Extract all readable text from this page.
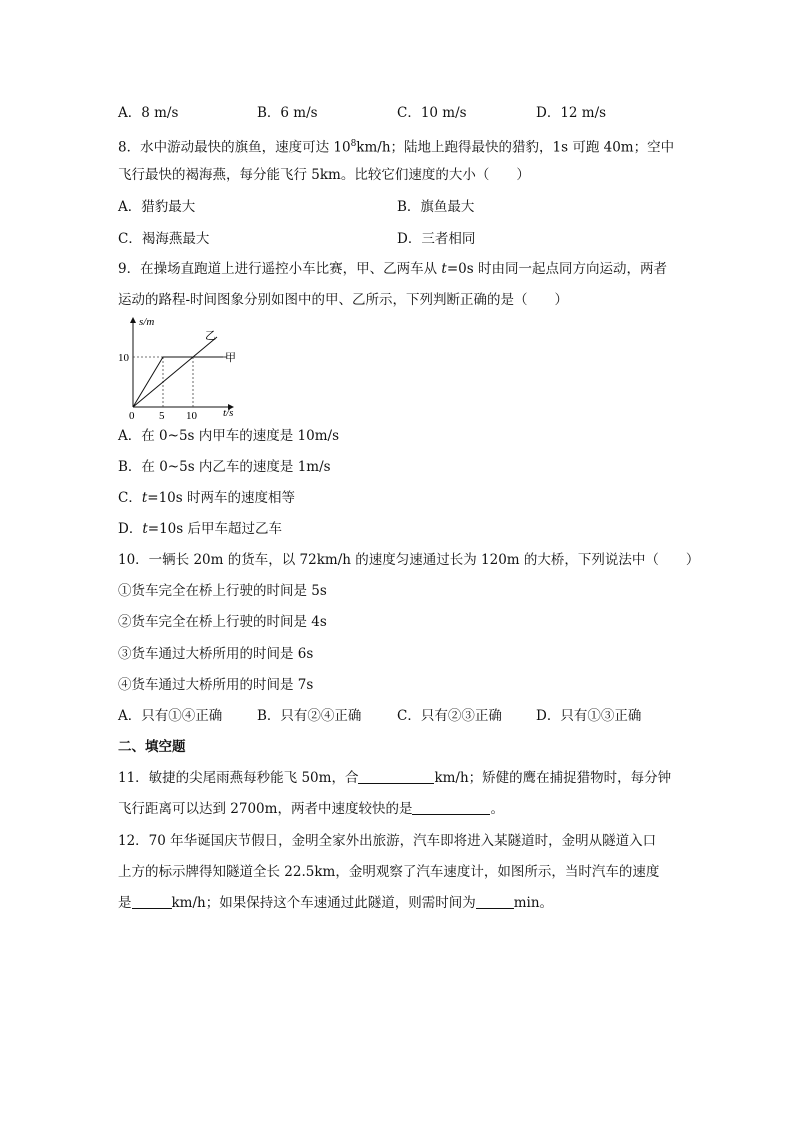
A．8 m/s	B．6 m/s	C．10 m/s	D．12 m/s
8．水中游动最快的旗鱼，速度可达 $10^8km/h$；陆地上跑得最快的猎豹，1s 可跑 40m；空中
飞行最快的褐海燕，每分能飞行 5km。比较它们速度的大小（　　）
A．猎豹最大	B．旗鱼最大
C．褐海燕最大	D．三者相同
9．在操场直跑道上进行遥控小车比赛，甲、乙两车从 t=0s 时由同一起点同方向运动，两者
运动的路程-时间图象分别如图中的甲、乙所示，下列判断正确的是（　　）
s/m
t/s
0 5 10
10
乙
甲
A．在 0~5s 内甲车的速度是 10m/s
B．在 0~5s 内乙车的速度是 1m/s
C．t=10s 时两车的速度相等
D．t=10s 后甲车超过乙车
10．一辆长 20m 的货车，以 72km/h 的速度匀速通过长为 120m 的大桥，下列说法中（　　）
①货车完全在桥上行驶的时间是 5s
②货车完全在桥上行驶的时间是 4s
③货车通过大桥所用的时间是 6s
④货车通过大桥所用的时间是 7s
A．只有①④正确	B．只有②④正确	C．只有②③正确	D．只有①③正确
二、填空题
11．敏捷的尖尾雨燕每秒能飞 50m，合	km/h；矫健的鹰在捕捉猎物时，每分钟
飞行距离可以达到 2700m，两者中速度较快的是	。
12．70 年华诞国庆节假日，金明全家外出旅游，汽车即将进入某隧道时，金明从隧道入口
上方的标示牌得知隧道全长 22.5km，金明观察了汽车速度计，如图所示，当时汽车的速度
是	km/h；如果保持这个车速通过此隧道，则需时间为	min。
